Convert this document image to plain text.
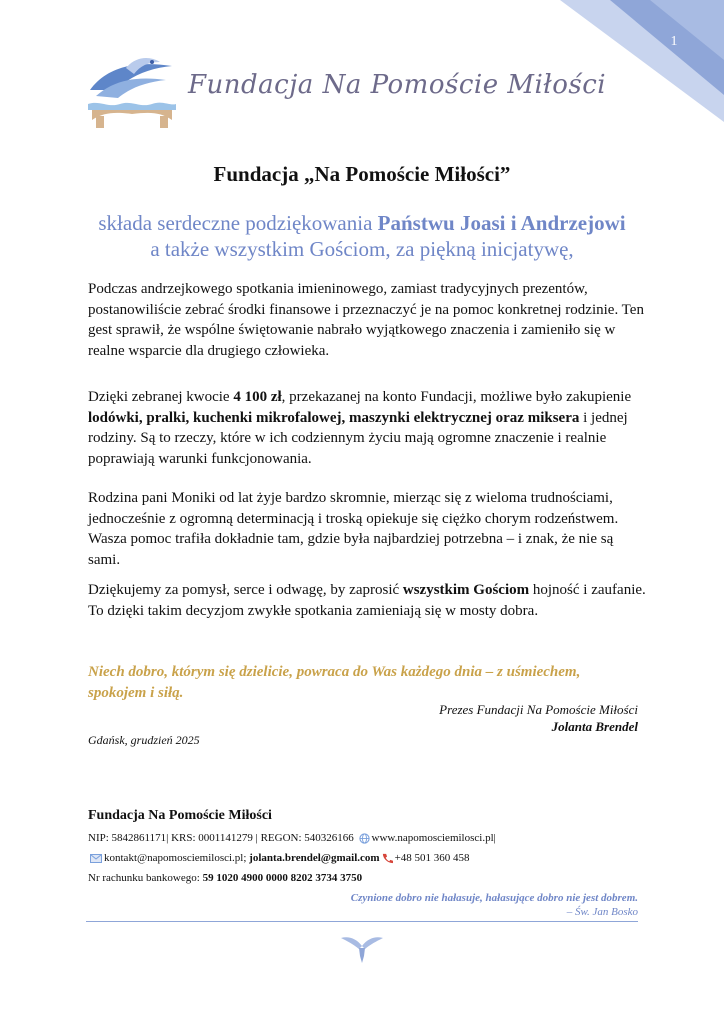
1
Fundacja Na Pomoście Miłości
Fundacja „Na Pomoście Miłości”
składa serdeczne podziękowania Państwu Joasi i Andrzejowi
a także wszystkim Gościom, za piękną inicjatywę,
Podczas andrzejkowego spotkania imieninowego, zamiast tradycyjnych prezentów, postanowiliście zebrać środki finansowe i przeznaczyć je na pomoc konkretnej rodzinie. Ten gest sprawił, że wspólne świętowanie nabrało wyjątkowego znaczenia i zamieniło się w realne wsparcie dla drugiego człowieka.
Dzięki zebranej kwocie 4 100 zł, przekazanej na konto Fundacji, możliwe było zakupienie lodówki, pralki, kuchenki mikrofalowej, maszynki elektrycznej oraz miksera i jednej rodziny. Są to rzeczy, które w ich codziennym życiu mają ogromne znaczenie i realnie poprawiają warunki funkcjonowania.
Rodzina pani Moniki od lat żyje bardzo skromnie, mierząc się z wieloma trudnościami, jednocześnie z ogromną determinacją i troską opiekuje się ciężko chorym rodzeństwem. Wasza pomoc trafiła dokładnie tam, gdzie była najbardziej potrzebna – i znak, że nie są sami.
Dziękujemy za pomysł, serce i odwagę, by zaprosić wszystkim Gościom hojność i zaufanie. To dzięki takim decyzjom zwykłe spotkania zamieniają się w mosty dobra.
Niech dobro, którym się dzielicie, powraca do Was każdego dnia – z uśmiechem, spokojem i siłą.
Prezes Fundacji Na Pomoście Miłości
Jolanta Brendel
Gdańsk, grudzień 2025
Fundacja Na Pomoście Miłości
NIP: 5842861171| KRS: 0001141279 | REGON: 540326166 www.napomosciemilosci.pl|
kontakt@napomosciemilosci.pl; jolanta.brendel@gmail.com +48 501 360 458
Nr rachunku bankowego: 59 1020 4900 0000 8202 3734 3750
Czynione dobro nie hałasuje, hałasujące dobro nie jest dobrem.
– Św. Jan Bosko
